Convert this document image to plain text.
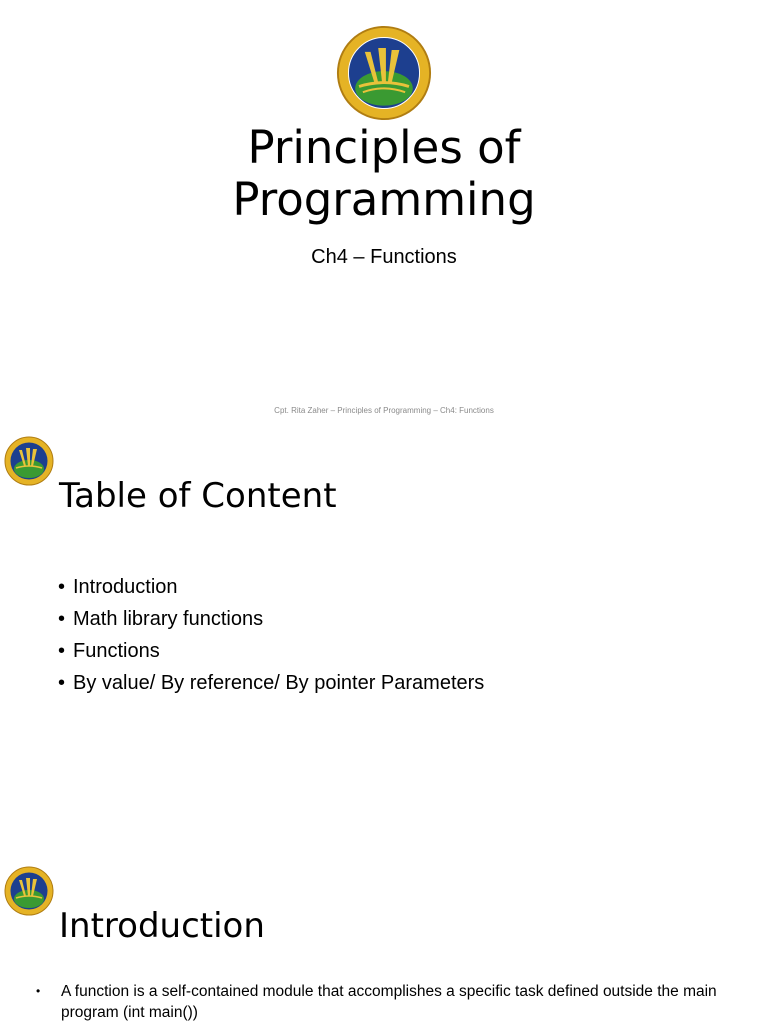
Principles of
Programming
Ch4 – Functions
Cpt. Rita Zaher – Principles of Programming – Ch4: Functions
Table of Content
• Introduction
• Math library functions
• Functions
• By value/ By reference/ By pointer Parameters
Introduction
•	A function is a self-contained module that accomplishes a specific task defined outside the main program (int main())
